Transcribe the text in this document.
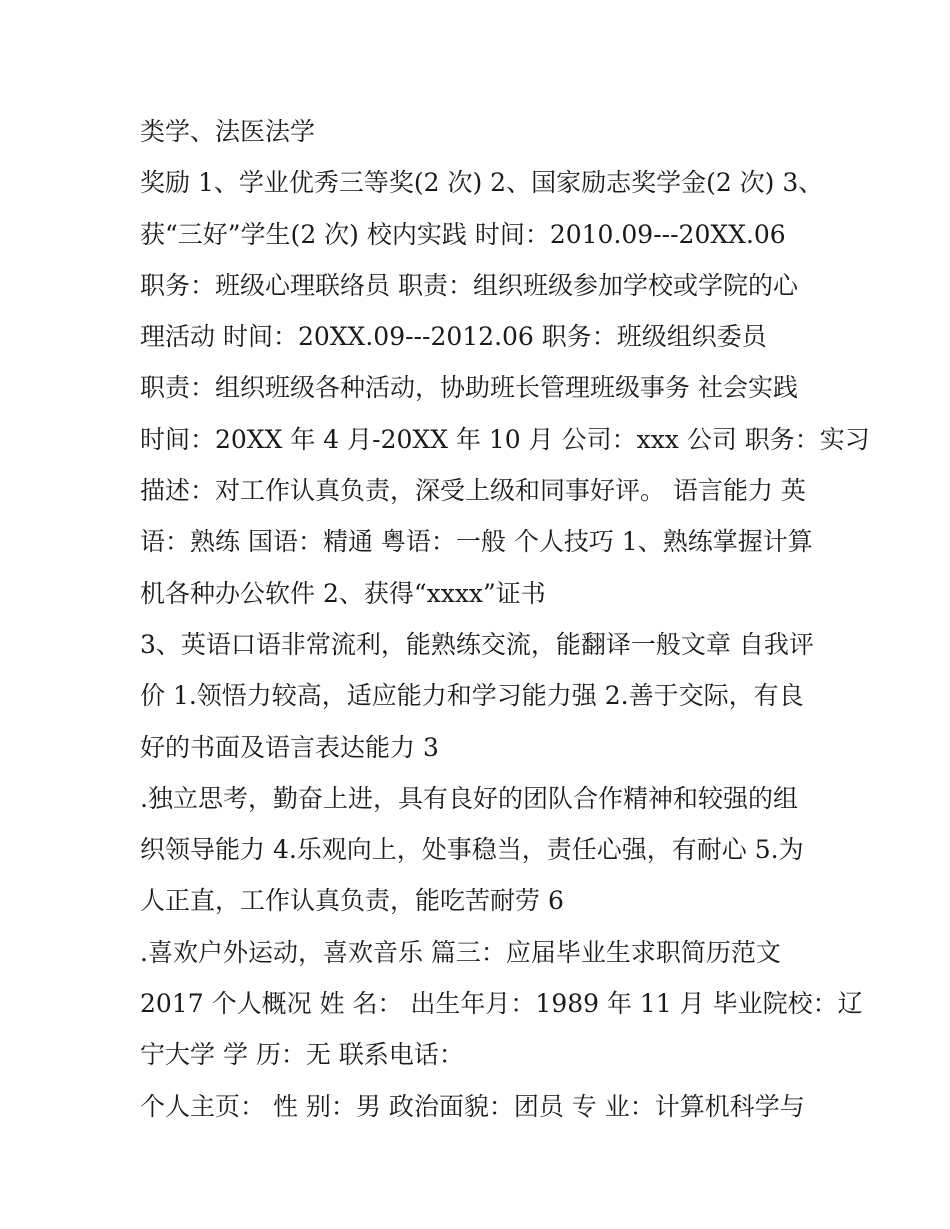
类学、法医法学
奖励 1、学业优秀三等奖(2 次) 2、国家励志奖学金(2 次) 3、
获“三好”学生(2 次) 校内实践 时间：2010.09---20XX.06
职务：班级心理联络员 职责：组织班级参加学校或学院的心
理活动 时间：20XX.09---2012.06 职务：班级组织委员
职责：组织班级各种活动，协助班长管理班级事务 社会实践
时间：20XX 年 4 月-20XX 年 10 月 公司：xxx 公司 职务：实习
描述：对工作认真负责，深受上级和同事好评。 语言能力 英
语：熟练 国语：精通 粤语：一般 个人技巧 1、熟练掌握计算
机各种办公软件 2、获得“xxxx”证书
3、英语口语非常流利，能熟练交流，能翻译一般文章 自我评
价 1.领悟力较高，适应能力和学习能力强 2.善于交际，有良
好的书面及语言表达能力 3
.独立思考，勤奋上进，具有良好的团队合作精神和较强的组
织领导能力 4.乐观向上，处事稳当，责任心强，有耐心 5.为
人正直，工作认真负责，能吃苦耐劳 6
.喜欢户外运动，喜欢音乐 篇三：应届毕业生求职简历范文
2017 个人概况 姓 名： 出生年月：1989 年 11 月 毕业院校：辽
宁大学 学 历：无 联系电话：
个人主页： 性 别：男 政治面貌：团员 专 业：计算机科学与
